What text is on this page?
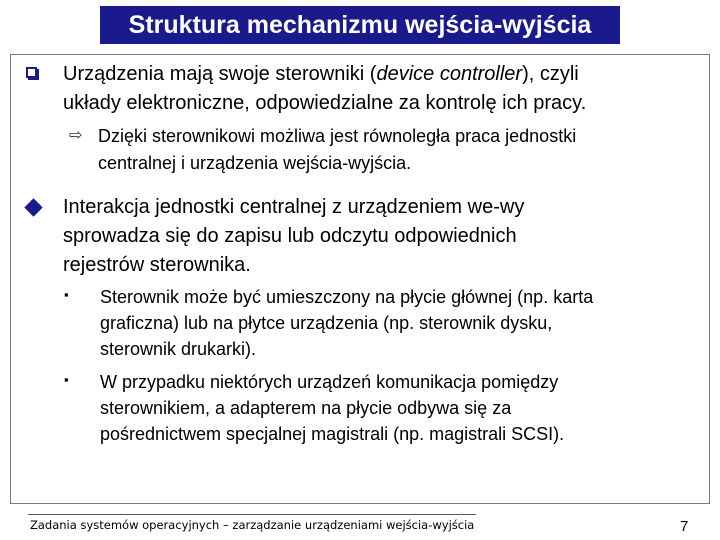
Struktura mechanizmu wejścia-wyjścia
Urządzenia mają swoje sterowniki (device controller), czyli
układy elektroniczne, odpowiedzialne za kontrolę ich pracy.
⇨ Dzięki sterownikowi możliwa jest równoległa praca jednostki
centralnej i urządzenia wejścia-wyjścia.
Interakcja jednostki centralnej z urządzeniem we-wy
sprowadza się do zapisu lub odczytu odpowiednich
rejestrów sterownika.
▪ Sterownik może być umieszczony na płycie głównej (np. karta
graficzna) lub na płytce urządzenia (np. sterownik dysku,
sterownik drukarki).
▪ W przypadku niektórych urządzeń komunikacja pomiędzy
sterownikiem, a adapterem na płycie odbywa się za
pośrednictwem specjalnej magistrali (np. magistrali SCSI).
Zadania systemów operacyjnych – zarządzanie urządzeniami wejścia-wyjścia	7
